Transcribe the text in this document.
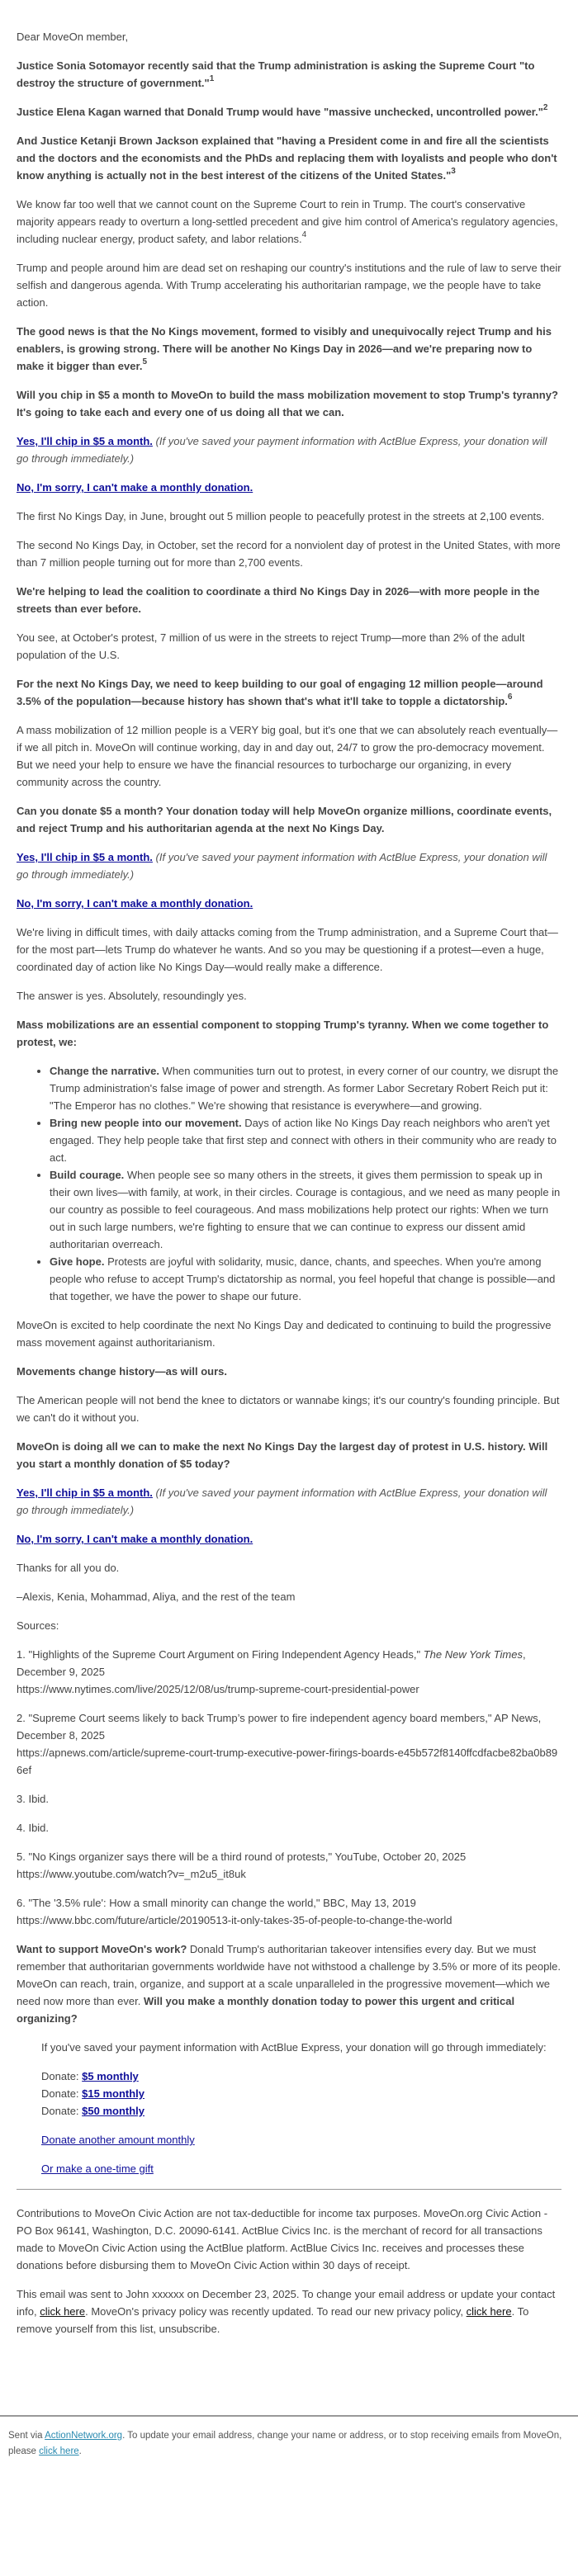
Dear MoveOn member,

Justice Sonia Sotomayor recently said that the Trump administration is asking the Supreme Court "to destroy the structure of government."$^1$

Justice Elena Kagan warned that Donald Trump would have "massive unchecked, uncontrolled power."$^2$

And Justice Ketanji Brown Jackson explained that "having a President come in and fire all the scientists and the doctors and the economists and the PhDs and replacing them with loyalists and people who don't know anything is actually not in the best interest of the citizens of the United States."$^3$

We know far too well that we cannot count on the Supreme Court to rein in Trump. The court's conservative majority appears ready to overturn a long-settled precedent and give him control of America's regulatory agencies, including nuclear energy, product safety, and labor relations.$^4$

Trump and people around him are dead set on reshaping our country's institutions and the rule of law to serve their selfish and dangerous agenda. With Trump accelerating his authoritarian rampage, we the people have to take action.

The good news is that the No Kings movement, formed to visibly and unequivocally reject Trump and his enablers, is growing strong. There will be another No Kings Day in 2026—and we're preparing now to make it bigger than ever.$^5$

Will you chip in $5 a month to MoveOn to build the mass mobilization movement to stop Trump's tyranny? It's going to take each and every one of us doing all that we can.

Yes, I'll chip in $5 a month. (If you've saved your payment information with ActBlue Express, your donation will go through immediately.)

No, I'm sorry, I can't make a monthly donation.

The first No Kings Day, in June, brought out 5 million people to peacefully protest in the streets at 2,100 events.

The second No Kings Day, in October, set the record for a nonviolent day of protest in the United States, with more than 7 million people turning out for more than 2,700 events.

We're helping to lead the coalition to coordinate a third No Kings Day in 2026—with more people in the streets than ever before.

You see, at October's protest, 7 million of us were in the streets to reject Trump—more than 2% of the adult population of the U.S.

For the next No Kings Day, we need to keep building to our goal of engaging 12 million people—around 3.5% of the population—because history has shown that's what it'll take to topple a dictatorship.$^6$

A mass mobilization of 12 million people is a VERY big goal, but it's one that we can absolutely reach eventually—if we all pitch in. MoveOn will continue working, day in and day out, 24/7 to grow the pro-democracy movement. But we need your help to ensure we have the financial resources to turbocharge our organizing, in every community across the country.

Can you donate $5 a month? Your donation today will help MoveOn organize millions, coordinate events, and reject Trump and his authoritarian agenda at the next No Kings Day.

Yes, I'll chip in $5 a month. (If you've saved your payment information with ActBlue Express, your donation will go through immediately.)

No, I'm sorry, I can't make a monthly donation.

We're living in difficult times, with daily attacks coming from the Trump administration, and a Supreme Court that—for the most part—lets Trump do whatever he wants. And so you may be questioning if a protest—even a huge, coordinated day of action like No Kings Day—would really make a difference.

The answer is yes. Absolutely, resoundingly yes.

Mass mobilizations are an essential component to stopping Trump's tyranny. When we come together to protest, we:

• Change the narrative. When communities turn out to protest, in every corner of our country, we disrupt the Trump administration's false image of power and strength. As former Labor Secretary Robert Reich put it: "The Emperor has no clothes." We're showing that resistance is everywhere—and growing.
• Bring new people into our movement. Days of action like No Kings Day reach neighbors who aren't yet engaged. They help people take that first step and connect with others in their community who are ready to act.
• Build courage. When people see so many others in the streets, it gives them permission to speak up in their own lives—with family, at work, in their circles. Courage is contagious, and we need as many people in our country as possible to feel courageous. And mass mobilizations help protect our rights: When we turn out in such large numbers, we're fighting to ensure that we can continue to express our dissent amid authoritarian overreach.
• Give hope. Protests are joyful with solidarity, music, dance, chants, and speeches. When you're among people who refuse to accept Trump's dictatorship as normal, you feel hopeful that change is possible—and that together, we have the power to shape our future.

MoveOn is excited to help coordinate the next No Kings Day and dedicated to continuing to build the progressive mass movement against authoritarianism.

Movements change history—as will ours.

The American people will not bend the knee to dictators or wannabe kings; it's our country's founding principle. But we can't do it without you.

MoveOn is doing all we can to make the next No Kings Day the largest day of protest in U.S. history. Will you start a monthly donation of $5 today?

Yes, I'll chip in $5 a month. (If you've saved your payment information with ActBlue Express, your donation will go through immediately.)

No, I'm sorry, I can't make a monthly donation.

Thanks for all you do.

–Alexis, Kenia, Mohammad, Aliya, and the rest of the team

Sources:

1. "Highlights of the Supreme Court Argument on Firing Independent Agency Heads," The New York Times, December 9, 2025
https://www.nytimes.com/live/2025/12/08/us/trump-supreme-court-presidential-power

2. "Supreme Court seems likely to back Trump’s power to fire independent agency board members," AP News, December 8, 2025
https://apnews.com/article/supreme-court-trump-executive-power-firings-boards-e45b572f8140ffcdfacbe82ba0b896ef

3. Ibid.

4. Ibid.

5. "No Kings organizer says there will be a third round of protests," YouTube, October 20, 2025
https://www.youtube.com/watch?v=_m2u5_it8uk

6. "The '3.5% rule': How a small minority can change the world," BBC, May 13, 2019
https://www.bbc.com/future/article/20190513-it-only-takes-35-of-people-to-change-the-world

Want to support MoveOn's work? Donald Trump's authoritarian takeover intensifies every day. But we must remember that authoritarian governments worldwide have not withstood a challenge by 3.5% or more of its people. MoveOn can reach, train, organize, and support at a scale unparalleled in the progressive movement—which we need now more than ever. Will you make a monthly donation today to power this urgent and critical organizing?

If you've saved your payment information with ActBlue Express, your donation will go through immediately:

Donate: $5 monthly
Donate: $15 monthly
Donate: $50 monthly

Donate another amount monthly

Or make a one-time gift

Contributions to MoveOn Civic Action are not tax-deductible for income tax purposes. MoveOn.org Civic Action - PO Box 96141, Washington, D.C. 20090-6141. ActBlue Civics Inc. is the merchant of record for all transactions made to MoveOn Civic Action using the ActBlue platform. ActBlue Civics Inc. receives and processes these donations before disbursing them to MoveOn Civic Action within 30 days of receipt.

This email was sent to John xxxxxx on December 23, 2025. To change your email address or update your contact info, click here. MoveOn's privacy policy was recently updated. To read our new privacy policy, click here. To remove yourself from this list, unsubscribe.

Sent via ActionNetwork.org. To update your email address, change your name or address, or to stop receiving emails from MoveOn, please click here.
